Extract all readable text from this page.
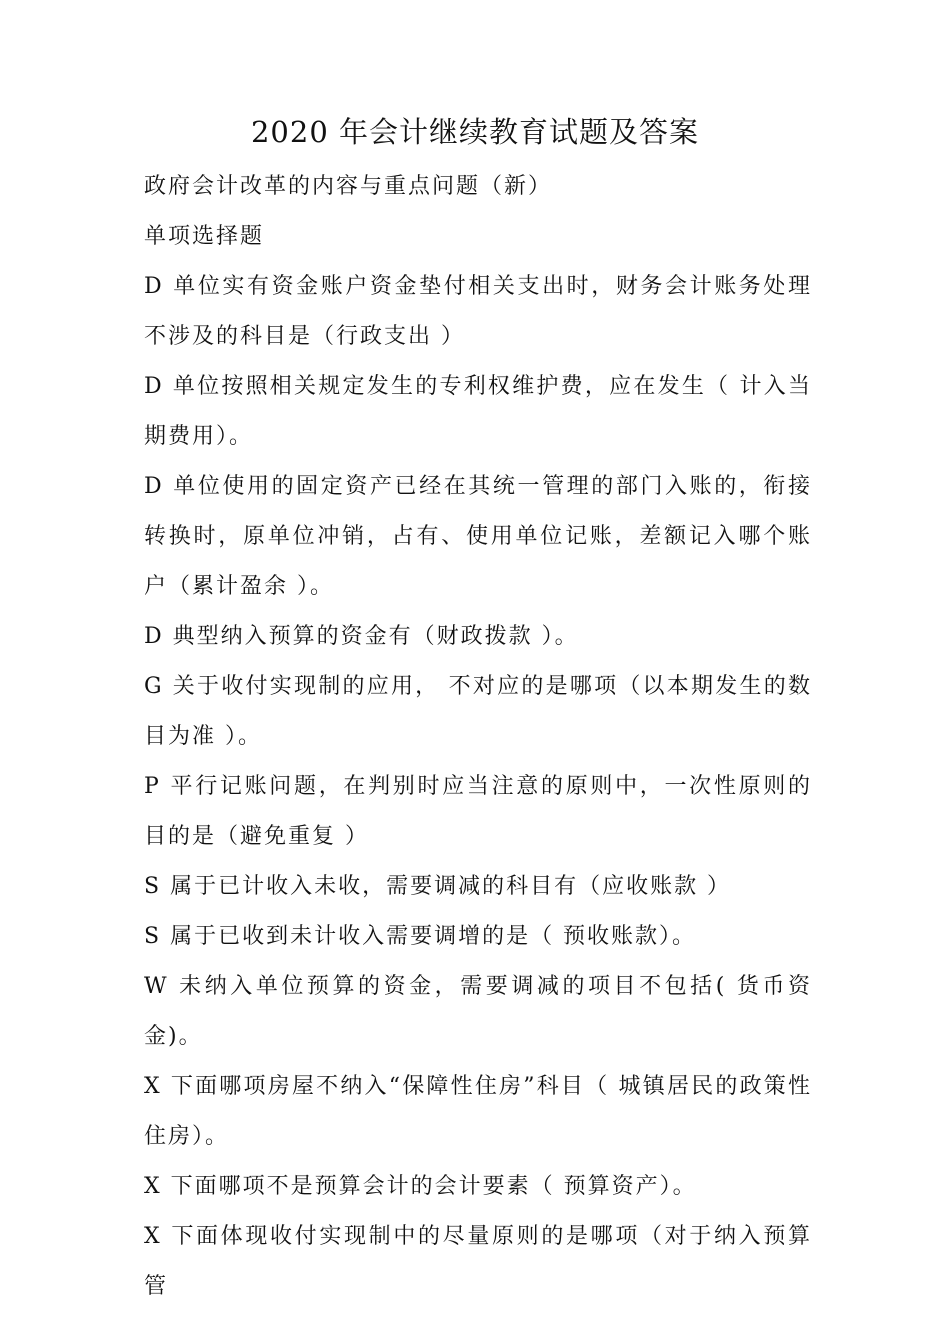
2020 年会计继续教育试题及答案

政府会计改革的内容与重点问题（新）

单项选择题

D 单位实有资金账户资金垫付相关支出时，财务会计账务处理不涉及的科目是（行政支出 ）

D 单位按照相关规定发生的专利权维护费，应在发生（ 计入当期费用）。

D 单位使用的固定资产已经在其统一管理的部门入账的，衔接转换时，原单位冲销，占有、使用单位记账，差额记入哪个账户（累计盈余 ）。

D 典型纳入预算的资金有（财政拨款 ）。

G 关于收付实现制的应用， 不对应的是哪项（以本期发生的数目为准 ）。

P 平行记账问题，在判别时应当注意的原则中，一次性原则的目的是（避免重复 ）

S 属于已计收入未收，需要调减的科目有（应收账款 ）

S 属于已收到未计收入需要调增的是（ 预收账款）。

W 未纳入单位预算的资金，需要调减的项目不包括( 货币资金)。

X 下面哪项房屋不纳入“保障性住房”科目（ 城镇居民的政策性住房）。

X 下面哪项不是预算会计的会计要素（ 预算资产）。

X 下面体现收付实现制中的尽量原则的是哪项（对于纳入预算管
